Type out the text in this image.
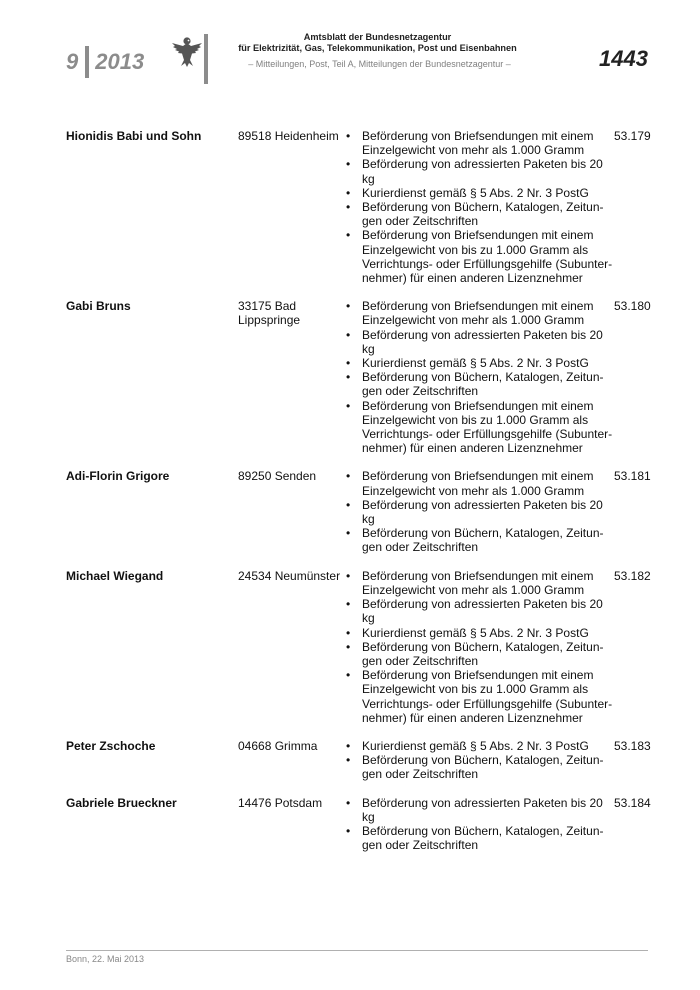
9 2013
Amtsblatt der Bundesnetzagentur
für Elektrizität, Gas, Telekommunikation, Post und Eisenbahnen
– Mitteilungen, Post, Teil A, Mitteilungen der Bundesnetzagentur –	1443
Hionidis Babi und Sohn	89518 Heidenheim	• Beförderung von Briefsendungen mit einem Einzelgewicht von mehr als 1.000 Gramm
• Beförderung von adressierten Paketen bis 20 kg
• Kurierdienst gemäß § 5 Abs. 2 Nr. 3 PostG
• Beförderung von Büchern, Katalogen, Zeitungen oder Zeitschriften
• Beförderung von Briefsendungen mit einem Einzelgewicht von bis zu 1.000 Gramm als Verrichtungs- oder Erfüllungsgehilfe (Subunternehmer) für einen anderen Lizenznehmer
53.179
Gabi Bruns	33175 Bad Lippspringe
• Beförderung von Briefsendungen mit einem Einzelgewicht von mehr als 1.000 Gramm
• Beförderung von adressierten Paketen bis 20 kg
• Kurierdienst gemäß § 5 Abs. 2 Nr. 3 PostG
• Beförderung von Büchern, Katalogen, Zeitungen oder Zeitschriften
• Beförderung von Briefsendungen mit einem Einzelgewicht von bis zu 1.000 Gramm als Verrichtungs- oder Erfüllungsgehilfe (Subunternehmer) für einen anderen Lizenznehmer
53.180
Adi-Florin Grigore	89250 Senden	• Beförderung von Briefsendungen mit einem Einzelgewicht von mehr als 1.000 Gramm
• Beförderung von adressierten Paketen bis 20 kg
• Beförderung von Büchern, Katalogen, Zeitungen oder Zeitschriften
53.181
Michael Wiegand	24534 Neumünster	• Beförderung von Briefsendungen mit einem Einzelgewicht von mehr als 1.000 Gramm
• Beförderung von adressierten Paketen bis 20 kg
• Kurierdienst gemäß § 5 Abs. 2 Nr. 3 PostG
• Beförderung von Büchern, Katalogen, Zeitungen oder Zeitschriften
• Beförderung von Briefsendungen mit einem Einzelgewicht von bis zu 1.000 Gramm als Verrichtungs- oder Erfüllungsgehilfe (Subunternehmer) für einen anderen Lizenznehmer
53.182
Peter Zschoche	04668 Grimma	• Kurierdienst gemäß § 5 Abs. 2 Nr. 3 PostG
• Beförderung von Büchern, Katalogen, Zeitungen oder Zeitschriften
53.183
Gabriele Brueckner	14476 Potsdam	• Beförderung von adressierten Paketen bis 20 kg
• Beförderung von Büchern, Katalogen, Zeitungen oder Zeitschriften
53.184
Bonn, 22. Mai 2013
